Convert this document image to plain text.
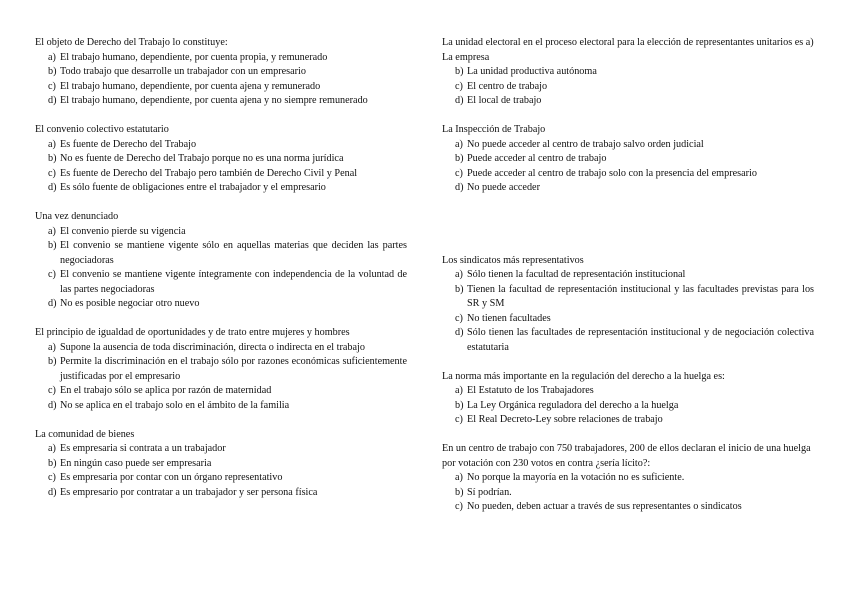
El objeto de Derecho del Trabajo lo constituye:

a) El trabajo humano, dependiente, por cuenta propia, y remunerado

b) Todo trabajo que desarrolle un trabajador con un empresario

c) El trabajo humano, dependiente, por cuenta ajena y remunerado

d) El trabajo humano, dependiente, por cuenta ajena y no siempre remunerado

El convenio colectivo estatutario

a) Es fuente de Derecho del Trabajo

b) No es fuente de Derecho del Trabajo porque no es una norma jurídica

c) Es fuente de Derecho del Trabajo pero también de Derecho Civil y Penal

d) Es sólo fuente de obligaciones entre el trabajador y el empresario

Una vez denunciado

a) El convenio pierde su vigencia

b) El convenio se mantiene vigente sólo en aquellas materias que deciden las partes negociadoras

c) El convenio se mantiene vigente íntegramente con independencia de la voluntad de las partes negociadoras

d) No es posible negociar otro nuevo

El principio de igualdad de oportunidades y de trato entre mujeres y hombres

a) Supone la ausencia de toda discriminación, directa o indirecta en el trabajo

b) Permite la discriminación en el trabajo sólo por razones económicas suficientemente justificadas por el empresario

c) En el trabajo sólo se aplica por razón de maternidad

d) No se aplica en el trabajo solo en el ámbito de la familia

La comunidad de bienes

a) Es empresaria si contrata a un trabajador

b) En ningún caso puede ser empresaria

c) Es empresaria por contar con un órgano representativo

d) Es empresario por contratar a un trabajador y ser persona física

La unidad electoral en el proceso electoral para la elección de representantes unitarios es a) La empresa

b) La unidad productiva autónoma

c) El centro de trabajo

d) El local de trabajo

La Inspección de Trabajo

a) No puede acceder al centro de trabajo salvo orden judicial

b) Puede acceder al centro de trabajo

c) Puede acceder al centro de trabajo solo con la presencia del empresario

d) No puede acceder

Los sindicatos más representativos

a) Sólo tienen la facultad de representación institucional

b) Tienen la facultad de representación institucional y las facultades previstas para los SR y SM

c) No tienen facultades

d) Sólo tienen las facultades de representación institucional y de negociación colectiva estatutaria

La norma más importante en la regulación del derecho a la huelga es:

a) El Estatuto de los Trabajadores

b) La Ley Orgánica reguladora del derecho a la huelga

c) El Real Decreto-Ley sobre relaciones de trabajo

En un centro de trabajo con 750 trabajadores, 200 de ellos declaran el inicio de una huelga por votación con 230 votos en contra ¿sería lícito?:

a) No porque la mayoría en la votación no es suficiente.

b) Sí podrían.

c) No pueden, deben actuar a través de sus representantes o sindicatos
